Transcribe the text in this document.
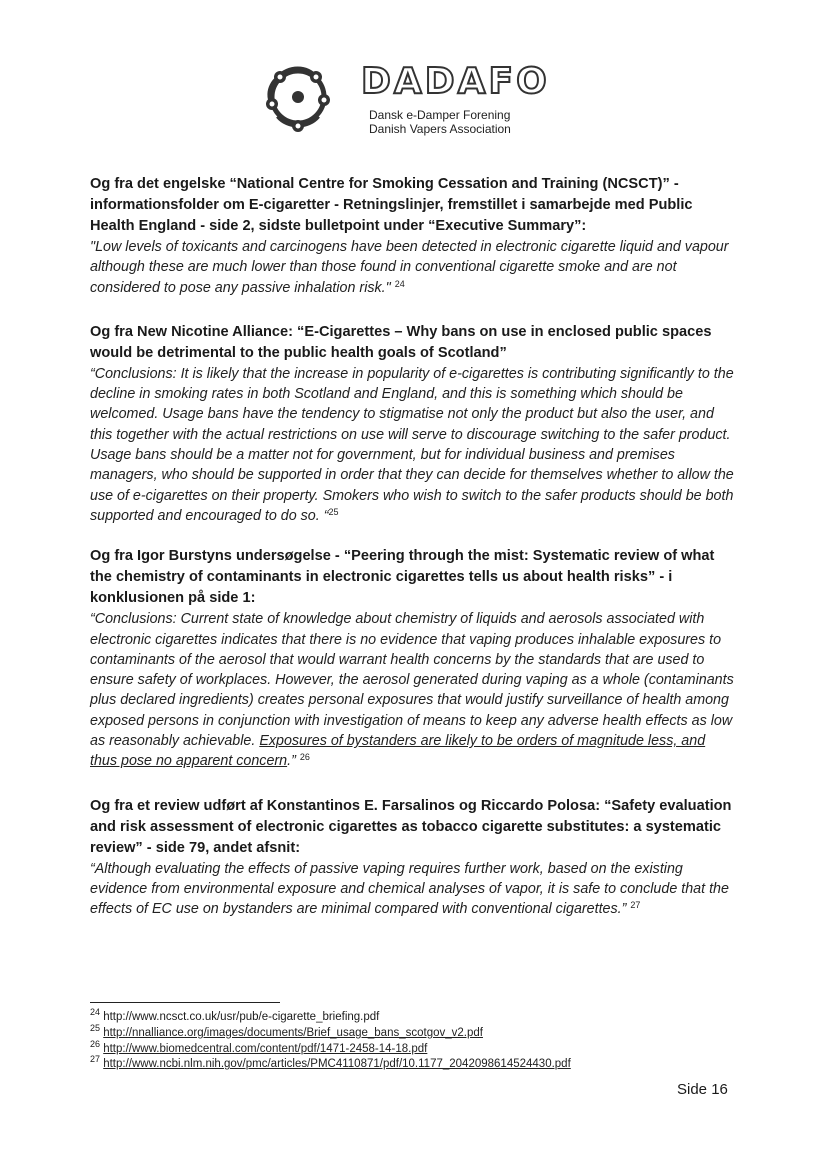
DADAFO
Dansk e-Damper Forening
Danish Vapers Association
Og fra det engelske “National Centre for Smoking Cessation and Training (NCSCT)” - informationsfolder om E-cigaretter - Retningslinjer, fremstillet i samarbejde med Public Health England - side 2, sidste bulletpoint under “Executive Summary”:
"Low levels of toxicants and carcinogens have been detected in electronic cigarette liquid and vapour although these are much lower than those found in conventional cigarette smoke and are not considered to pose any passive inhalation risk." $^{24}$
Og fra New Nicotine Alliance: “E-Cigarettes – Why bans on use in enclosed public spaces would be detrimental to the public health goals of Scotland”
“Conclusions: It is likely that the increase in popularity of e-cigarettes is contributing significantly to the decline in smoking rates in both Scotland and England, and this is something which should be welcomed. Usage bans have the tendency to stigmatise not only the product but also the user, and this together with the actual restrictions on use will serve to discourage switching to the safer product. Usage bans should be a matter not for government, but for individual business and premises managers, who should be supported in order that they can decide for themselves whether to allow the use of e-cigarettes on their property. Smokers who wish to switch to the safer products should be both supported and encouraged to do so. “$^{25}$
Og fra Igor Burstyns undersøgelse - “Peering through the mist: Systematic review of what the chemistry of contaminants in electronic cigarettes tells us about health risks” - i konklusionen på side 1:
“Conclusions: Current state of knowledge about chemistry of liquids and aerosols associated with electronic cigarettes indicates that there is no evidence that vaping produces inhalable exposures to contaminants of the aerosol that would warrant health concerns by the standards that are used to ensure safety of workplaces. However, the aerosol generated during vaping as a whole (contaminants plus declared ingredients) creates personal exposures that would justify surveillance of health among exposed persons in conjunction with investigation of means to keep any adverse health effects as low as reasonably achievable. Exposures of bystanders are likely to be orders of magnitude less, and thus pose no apparent concern.” $^{26}$
Og fra et review udført af Konstantinos E. Farsalinos og Riccardo Polosa: “Safety evaluation and risk assessment of electronic cigarettes as tobacco cigarette substitutes: a systematic review” - side 79, andet afsnit:
“Although evaluating the effects of passive vaping requires further work, based on the existing evidence from environmental exposure and chemical analyses of vapor, it is safe to conclude that the effects of EC use on bystanders are minimal compared with conventional cigarettes.” $^{27}$
$^{24}$ http://www.ncsct.co.uk/usr/pub/e-cigarette_briefing.pdf
$^{25}$ http://nnalliance.org/images/documents/Brief_usage_bans_scotgov_v2.pdf
$^{26}$ http://www.biomedcentral.com/content/pdf/1471-2458-14-18.pdf
$^{27}$ http://www.ncbi.nlm.nih.gov/pmc/articles/PMC4110871/pdf/10.1177_2042098614524430.pdf
Side 16
